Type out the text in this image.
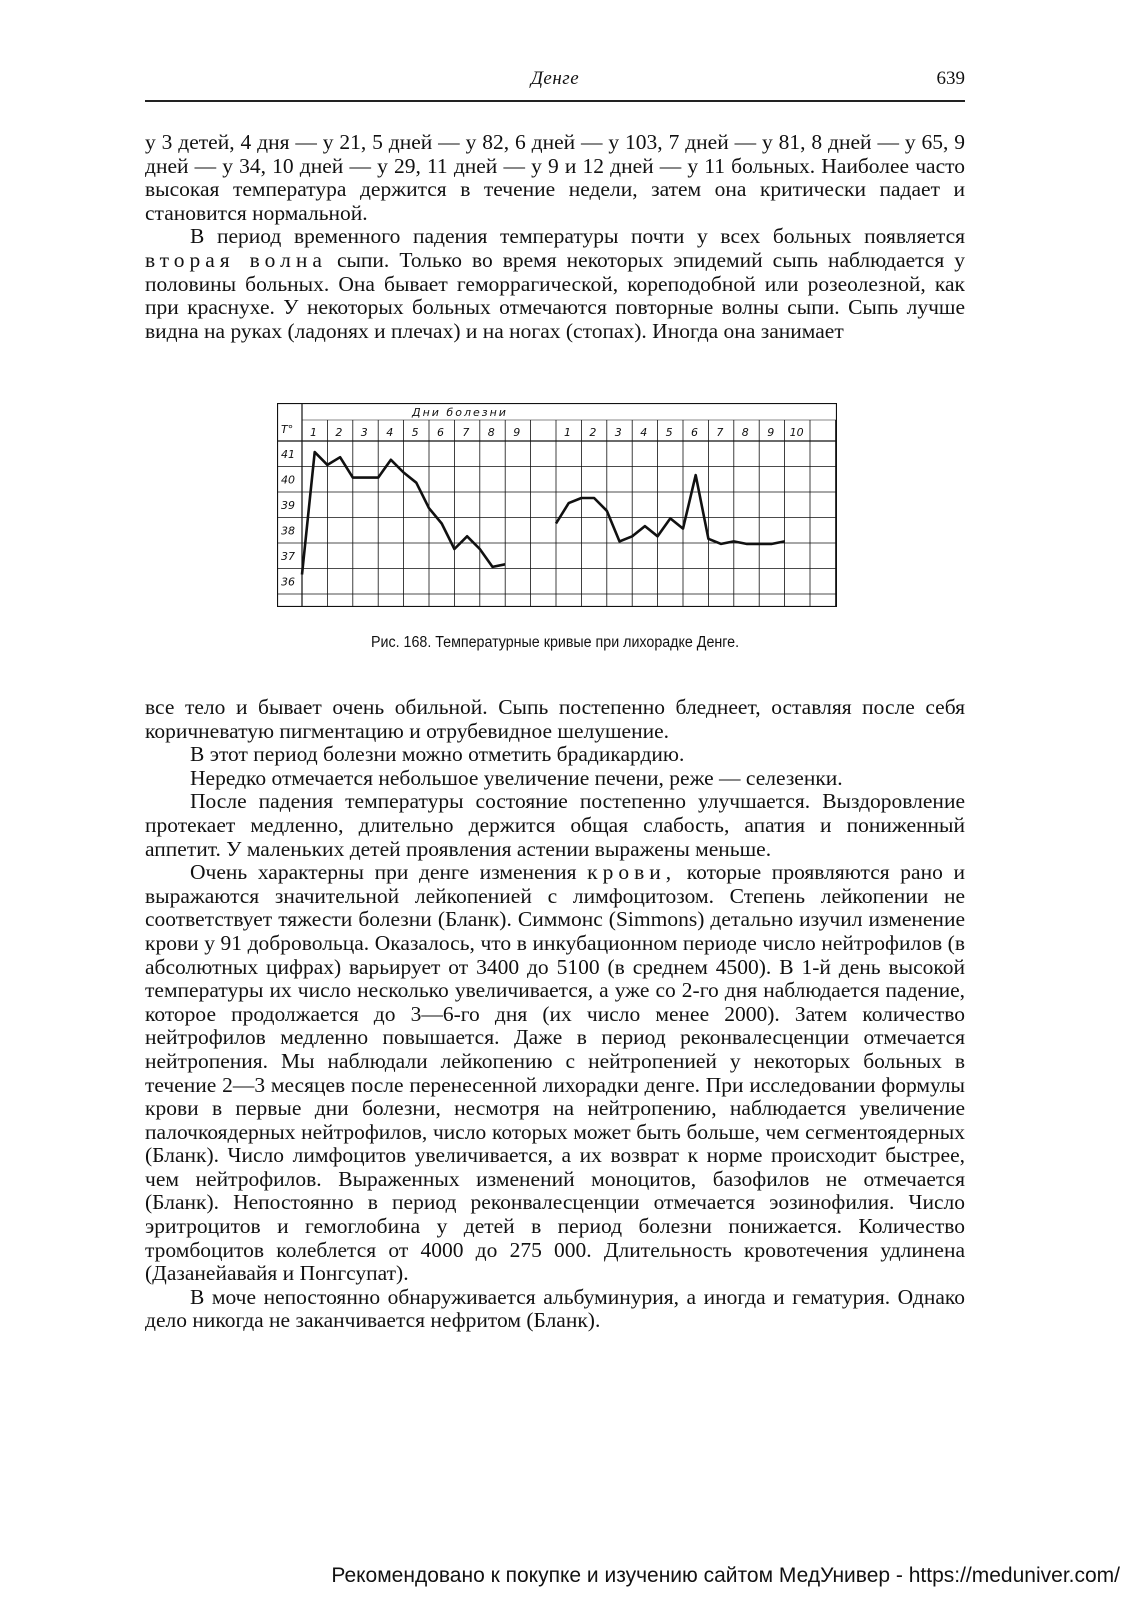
Денге	639

у 3 детей, 4 дня — у 21, 5 дней — у 82, 6 дней — у 103, 7 дней — у 81, 8 дней — у 65, 9 дней — у 34, 10 дней — у 29, 11 дней — у 9 и 12 дней — у 11 больных. Наиболее часто высокая температура держится в течение недели, затем она критически падает и становится нормальной.

В период временного падения температуры почти у всех больных появляется вторая волна сыпи. Только во время некоторых эпидемий сыпь наблюдается у половины больных. Она бывает геморрагической, кореподобной или розеолезной, как при краснухе. У некоторых больных отмечаются повторные волны сыпи. Сыпь лучше видна на руках (ладонях и плечах) и на ногах (стопах). Иногда она занимает

T°
Дни болезни
41
40
39
38
37
36
1 2 3 4 5 6 7 8 9	1 2 3 4 5 6 7 8 9 10
Рис. 168. Температурные кривые при лихорадке Денге.

все тело и бывает очень обильной. Сыпь постепенно бледнеет, оставляя после себя коричневатую пигментацию и отрубевидное шелушение.

В этот период болезни можно отметить брадикардию.

Нередко отмечается небольшое увеличение печени, реже — селезенки.

После падения температуры состояние постепенно улучшается. Выздоровление протекает медленно, длительно держится общая слабость, апатия и пониженный аппетит. У маленьких детей проявления астении выражены меньше.

Очень характерны при денге изменения крови, которые проявляются рано и выражаются значительной лейкопенией с лимфоцитозом. Степень лейкопении не соответствует тяжести болезни (Бланк). Симмонс (Simmons) детально изучил изменение крови у 91 добровольца. Оказалось, что в инкубационном периоде число нейтрофилов (в абсолютных цифрах) варьирует от 3400 до 5100 (в среднем 4500). В 1-й день высокой температуры их число несколько увеличивается, а уже со 2-го дня наблюдается падение, которое продолжается до 3—6-го дня (их число менее 2000). Затем количество нейтрофилов медленно повышается. Даже в период реконвалесценции отмечается нейтропения. Мы наблюдали лейкопению с нейтропенией у некоторых больных в течение 2—3 месяцев после перенесенной лихорадки денге. При исследовании формулы крови в первые дни болезни, несмотря на нейтропению, наблюдается увеличение палочкоядерных нейтрофилов, число которых может быть больше, чем сегментоядерных (Бланк). Число лимфоцитов увеличивается, а их возврат к норме происходит быстрее, чем нейтрофилов. Выраженных изменений моноцитов, базофилов не отмечается (Бланк). Непостоянно в период реконвалесценции отмечается эозинофилия. Число эритроцитов и гемоглобина у детей в период болезни понижается. Количество тромбоцитов колеблется от 4000 до 275 000. Длительность кровотечения удлинена (Дазанейавайя и Понгсупат).

В моче непостоянно обнаруживается альбуминурия, а иногда и гематурия. Однако дело никогда не заканчивается нефритом (Бланк).

Рекомендовано к покупке и изучению сайтом МедУнивер - https://meduniver.com/
